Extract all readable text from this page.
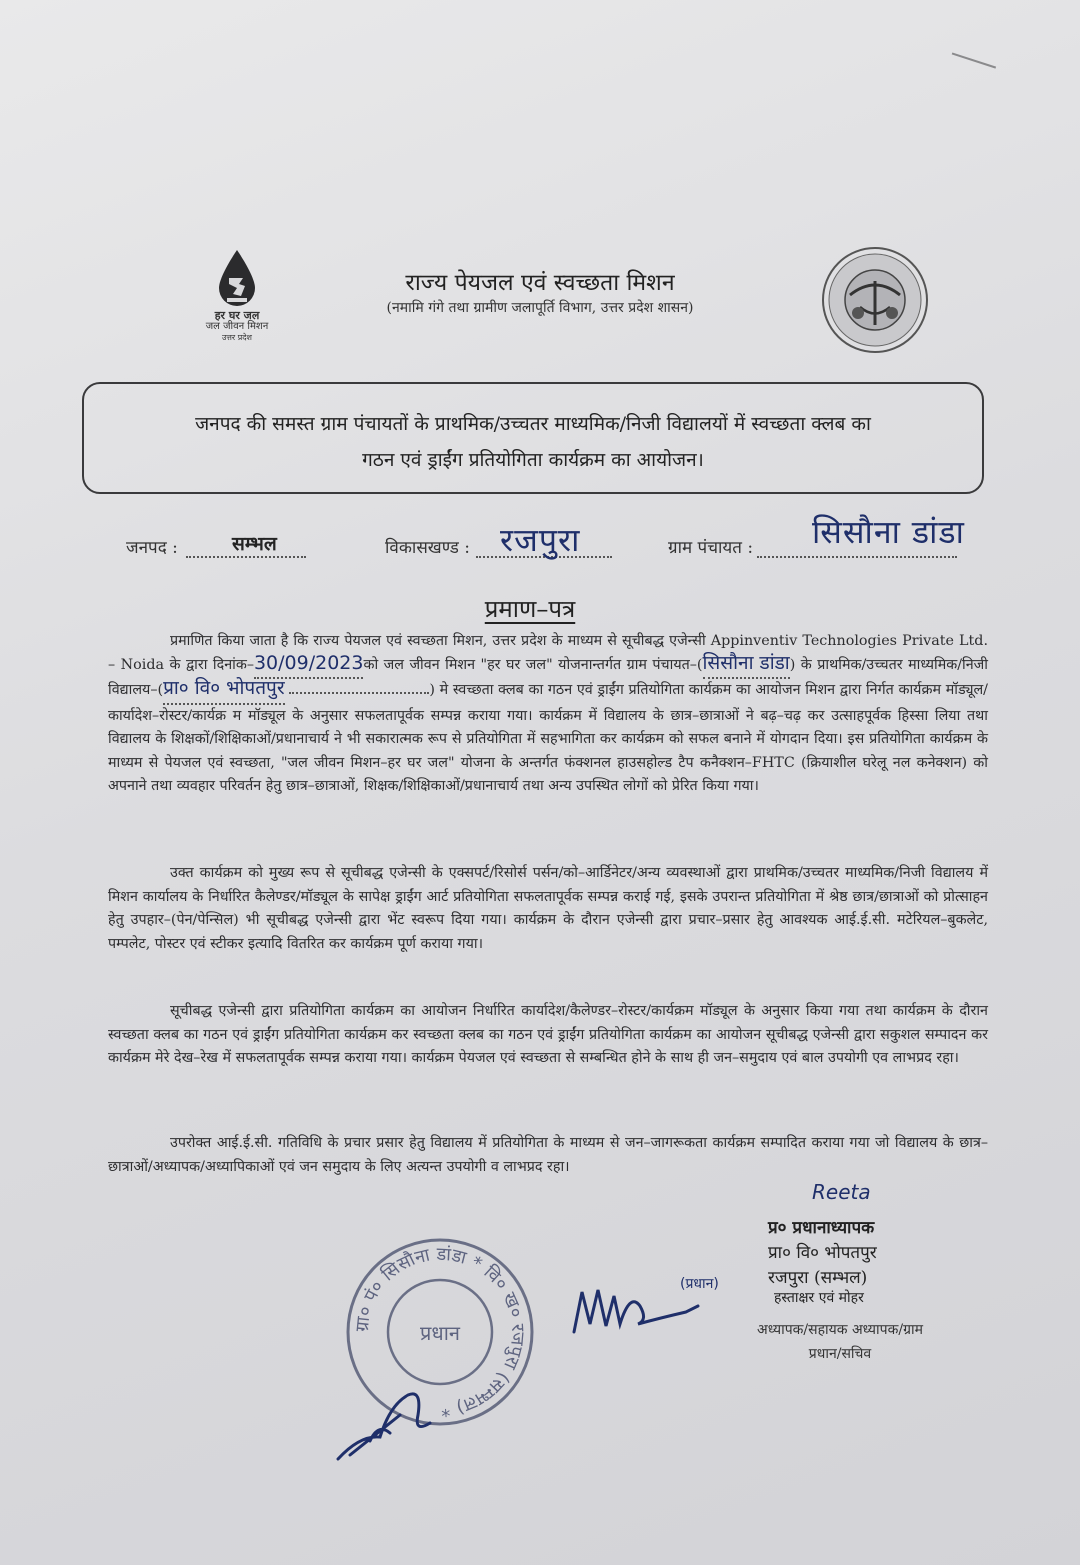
हर घर जल
जल जीवन मिशन
उत्तर प्रदेश
राज्य पेयजल एवं स्वच्छता मिशन
(नमामि गंगे तथा ग्रामीण जलापूर्ति विभाग, उत्तर प्रदेश शासन)
जनपद की समस्त ग्राम पंचायतों के प्राथमिक/उच्चतर माध्यमिक/निजी विद्यालयों में स्वच्छता क्लब का
गठन एवं ड्राईंग प्रतियोगिता कार्यक्रम का आयोजन।
जनपद :	सम्भल	विकासखण्ड : रजपुरा	ग्राम पंचायत :	सिसौना डांडा
प्रमाण–पत्र
प्रमाणित किया जाता है कि राज्य पेयजल एवं स्वच्छता मिशन, उत्तर प्रदेश के माध्यम से सूचीबद्ध एजेन्सी Appinventiv Technologies Private Ltd. – Noida के द्वारा दिनांक–30/09/2023को जल जीवन मिशन "हर घर जल" योजनान्तर्गत ग्राम पंचायत–(सिसौना डांडा) के प्राथमिक/उच्चतर माध्यमिक/निजी विद्यालय–(प्रा० वि० भोपतपुर	) मे स्वच्छता क्लब का गठन एवं ड्राईंग प्रतियोगिता कार्यक्रम का आयोजन मिशन द्वारा निर्गत कार्यक्रम मॉड्यूल/कार्यादेश–रोस्टर/कार्यक्र म मॉड्यूल के अनुसार सफलतापूर्वक सम्पन्न कराया गया। कार्यक्रम में विद्यालय के छात्र–छात्राओं ने बढ़–चढ़ कर उत्साहपूर्वक हिस्सा लिया तथा विद्यालय के शिक्षकों/शिक्षिकाओं/प्रधानाचार्य ने भी सकारात्मक रूप से प्रतियोगिता में सहभागिता कर कार्यक्रम को सफल बनाने में योगदान दिया। इस प्रतियोगिता कार्यक्रम के माध्यम से पेयजल एवं स्वच्छता, "जल जीवन मिशन–हर घर जल" योजना के अन्तर्गत फंक्शनल हाउसहोल्ड टैप कनैक्शन–FHTC (क्रियाशील घरेलू नल कनेक्शन) को अपनाने तथा व्यवहार परिवर्तन हेतु छात्र–छात्राओं, शिक्षक/शिक्षिकाओं/प्रधानाचार्य तथा अन्य उपस्थित लोगों को प्रेरित किया गया।
उक्त कार्यक्रम को मुख्य रूप से सूचीबद्ध एजेन्सी के एक्सपर्ट/रिसोर्स पर्सन/को–आर्डिनेटर/अन्य व्यवस्थाओं द्वारा प्राथमिक/उच्चतर माध्यमिक/निजी विद्यालय में मिशन कार्यालय के निर्धारित कैलेण्डर/मॉड्यूल के सापेक्ष ड्राईंग आर्ट प्रतियोगिता सफलतापूर्वक सम्पन्न कराई गई, इसके उपरान्त प्रतियोगिता में श्रेष्ठ छात्र/छात्राओं को प्रोत्साहन हेतु उपहार–(पेन/पेन्सिल) भी सूचीबद्ध एजेन्सी द्वारा भेंट स्वरूप दिया गया। कार्यक्रम के दौरान एजेन्सी द्वारा प्रचार–प्रसार हेतु आवश्यक आई.ई.सी. मटेरियल–बुकलेट, पम्पलेट, पोस्टर एवं स्टीकर इत्यादि वितरित कर कार्यक्रम पूर्ण कराया गया।
सूचीबद्ध एजेन्सी द्वारा प्रतियोगिता कार्यक्रम का आयोजन निर्धारित कार्यादेश/कैलेण्डर–रोस्टर/कार्यक्रम मॉड्यूल के अनुसार किया गया तथा कार्यक्रम के दौरान स्वच्छता क्लब का गठन एवं ड्राईंग प्रतियोगिता कार्यक्रम कर स्वच्छता क्लब का गठन एवं ड्राईंग प्रतियोगिता कार्यक्रम का आयोजन सूचीबद्ध एजेन्सी द्वारा सकुशल सम्पादन कर कार्यक्रम मेरे देख–रेख में सफलतापूर्वक सम्पन्न कराया गया। कार्यक्रम पेयजल एवं स्वच्छता से सम्बन्धित होने के साथ ही जन–समुदाय एवं बाल उपयोगी एव लाभप्रद रहा।
उपरोक्त आई.ई.सी. गतिविधि के प्रचार प्रसार हेतु विद्यालय में प्रतियोगिता के माध्यम से जन–जागरूकता कार्यक्रम सम्पादित कराया गया जो विद्यालय के छात्र–छात्राओं/अध्यापक/अध्यापिकाओं एवं जन समुदाय के लिए अत्यन्त उपयोगी व लाभप्रद रहा।
Reeta
प्र० प्रधानाध्यापक
प्रा० वि० भोपतपुर
रजपुरा (सम्भल)
हस्ताक्षर एवं मोहर
अध्यापक/सहायक अध्यापक/ग्राम
प्रधान/सचिव
ग्रा० पं० सिसौना डांडा * वि० ख० रजपुरा (सम्भल) *
प्रधान
(प्रधान)
